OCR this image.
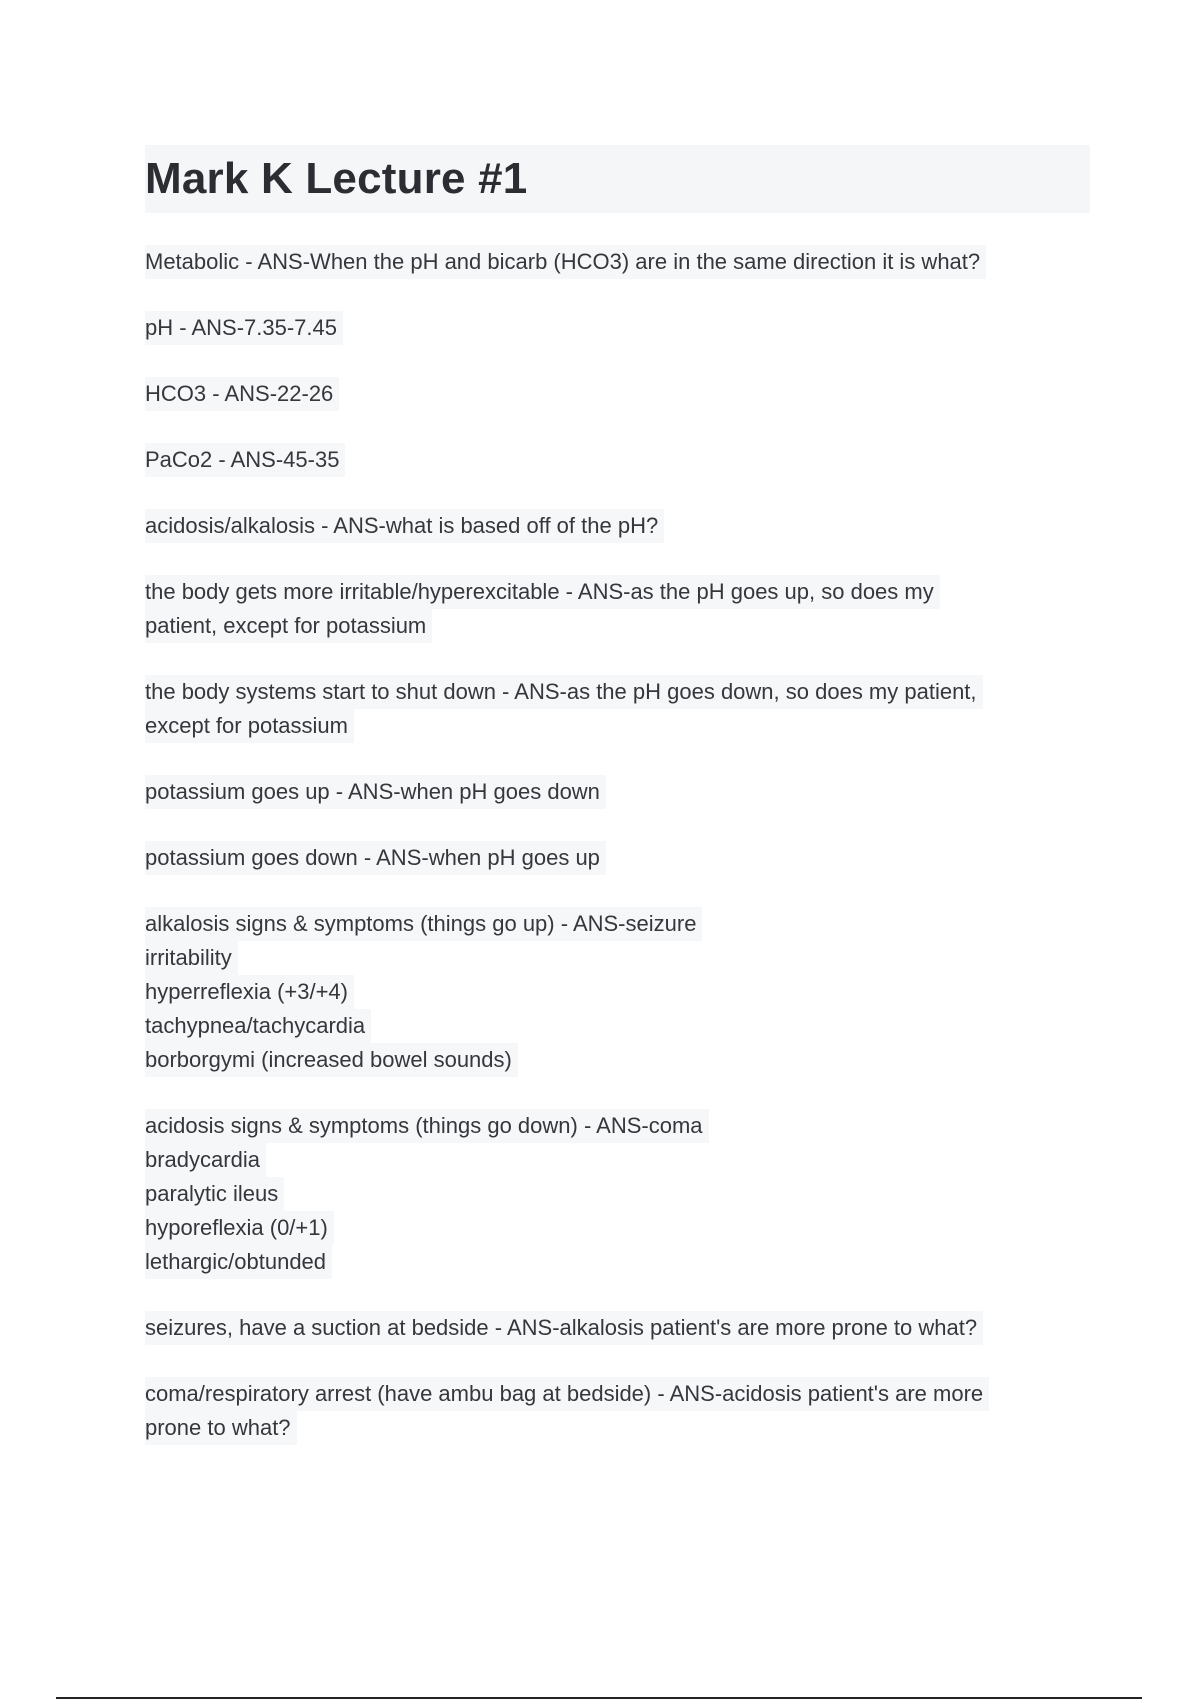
Mark K Lecture #1

Metabolic - ANS-When the pH and bicarb (HCO3) are in the same direction it is what?

pH - ANS-7.35-7.45

HCO3 - ANS-22-26

PaCo2 - ANS-45-35

acidosis/alkalosis - ANS-what is based off of the pH?

the body gets more irritable/hyperexcitable - ANS-as the pH goes up, so does my
patient, except for potassium

the body systems start to shut down - ANS-as the pH goes down, so does my patient,
except for potassium

potassium goes up - ANS-when pH goes down

potassium goes down - ANS-when pH goes up

alkalosis signs & symptoms (things go up) - ANS-seizure
irritability
hyperreflexia (+3/+4)
tachypnea/tachycardia
borborgymi (increased bowel sounds)

acidosis signs & symptoms (things go down) - ANS-coma
bradycardia
paralytic ileus
hyporeflexia (0/+1)
lethargic/obtunded

seizures, have a suction at bedside - ANS-alkalosis patient's are more prone to what?

coma/respiratory arrest (have ambu bag at bedside) - ANS-acidosis patient's are more
prone to what?
